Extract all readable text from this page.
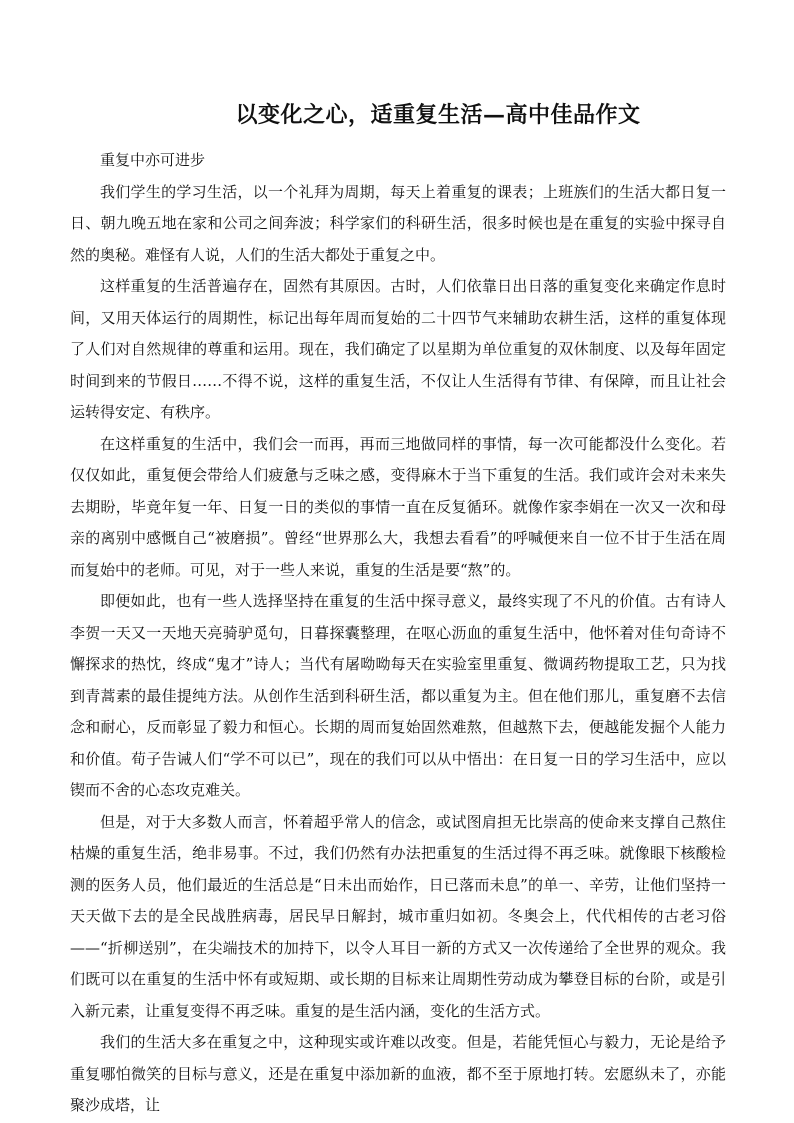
以变化之心，适重复生活—高中佳品作文

重复中亦可进步

我们学生的学习生活，以一个礼拜为周期，每天上着重复的课表；上班族们的生活大都日复一日、朝九晚五地在家和公司之间奔波；科学家们的科研生活，很多时候也是在重复的实验中探寻自然的奥秘。难怪有人说，人们的生活大都处于重复之中。

这样重复的生活普遍存在，固然有其原因。古时，人们依靠日出日落的重复变化来确定作息时间，又用天体运行的周期性，标记出每年周而复始的二十四节气来辅助农耕生活，这样的重复体现了人们对自然规律的尊重和运用。现在，我们确定了以星期为单位重复的双休制度、以及每年固定时间到来的节假日……不得不说，这样的重复生活，不仅让人生活得有节律、有保障，而且让社会运转得安定、有秩序。

在这样重复的生活中，我们会一而再，再而三地做同样的事情，每一次可能都没什么变化。若仅仅如此，重复便会带给人们疲惫与乏味之感，变得麻木于当下重复的生活。我们或许会对未来失去期盼，毕竟年复一年、日复一日的类似的事情一直在反复循环。就像作家李娟在一次又一次和母亲的离别中感慨自己“被磨损”。曾经“世界那么大，我想去看看”的呼喊便来自一位不甘于生活在周而复始中的老师。可见，对于一些人来说，重复的生活是要“熬”的。

即便如此，也有一些人选择坚持在重复的生活中探寻意义，最终实现了不凡的价值。古有诗人李贺一天又一天地天亮骑驴觅句，日暮探囊整理，在呕心沥血的重复生活中，他怀着对佳句奇诗不懈探求的热忱，终成“鬼才”诗人；当代有屠呦呦每天在实验室里重复、微调药物提取工艺，只为找到青蒿素的最佳提纯方法。从创作生活到科研生活，都以重复为主。但在他们那儿，重复磨不去信念和耐心，反而彰显了毅力和恒心。长期的周而复始固然难熬，但越熬下去，便越能发掘个人能力和价值。荀子告诫人们“学不可以已”，现在的我们可以从中悟出：在日复一日的学习生活中，应以锲而不舍的心态攻克难关。

但是，对于大多数人而言，怀着超乎常人的信念，或试图肩担无比崇高的使命来支撑自己熬住枯燥的重复生活，绝非易事。不过，我们仍然有办法把重复的生活过得不再乏味。就像眼下核酸检测的医务人员，他们最近的生活总是“日未出而始作，日已落而未息”的单一、辛劳，让他们坚持一天天做下去的是全民战胜病毒，居民早日解封，城市重归如初。冬奥会上，代代相传的古老习俗——“折柳送别”，在尖端技术的加持下，以令人耳目一新的方式又一次传递给了全世界的观众。我们既可以在重复的生活中怀有或短期、或长期的目标来让周期性劳动成为攀登目标的台阶，或是引入新元素，让重复变得不再乏味。重复的是生活内涵，变化的生活方式。

我们的生活大多在重复之中，这种现实或许难以改变。但是，若能凭恒心与毅力，无论是给予重复哪怕微笑的目标与意义，还是在重复中添加新的血液，都不至于原地打转。宏愿纵未了，亦能聚沙成塔，让
